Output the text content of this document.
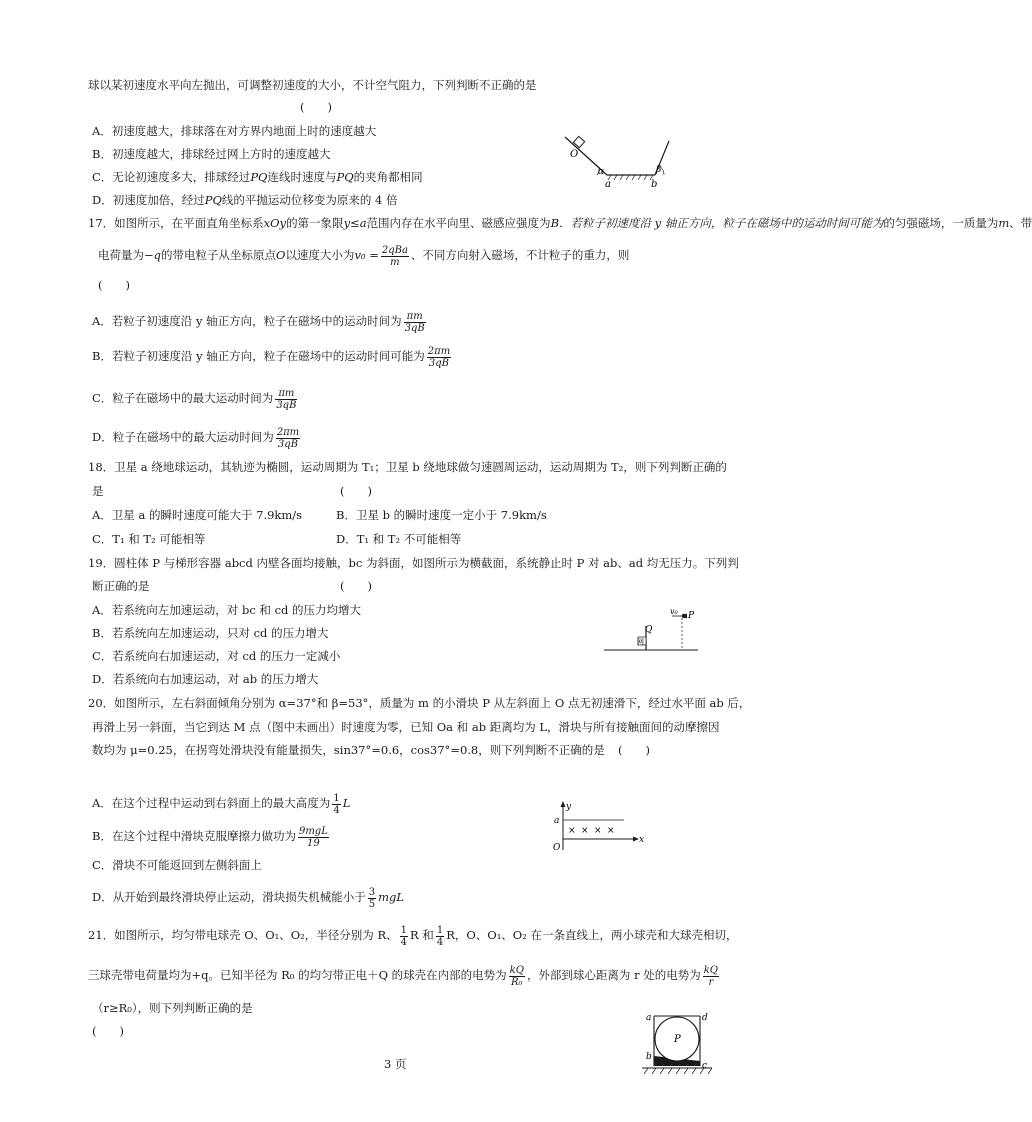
球以某初速度水平向左抛出，可调整初速度的大小，不计空气阻力，下列判断不正确的是
(　　)
A．初速度越大，排球落在对方界内地面上时的速度越大
B．初速度越大，排球经过网上方时的速度越大
C．无论初速度多大，排球经过PQ连线时速度与PQ的夹角都相同
D．初速度加倍，经过PQ线的平抛运动位移变为原来的 4 倍
O
a	b
α	β
17．如图所示，在平面直角坐标系xOy的第一象限y≤a范围内存在水平向里、磁感应强度为B．若粒子初速度沿 y 轴正方向，粒子在磁场中的运动时间可能为的匀强磁场，一质量为m、带
电荷量为−q的带电粒子从坐标原点O以速度大小为$v_0 = \frac{\text{2qBa}}{m}$ 、不同方向射入磁场，不计粒子的重力，则
(　　)
A．若粒子初速度沿 y 轴正方向，粒子在磁场中的运动时间为 $\frac{\pi m}{3qB}$
B．若粒子初速度沿 y 轴正方向，粒子在磁场中的运动时间可能为 $\frac{2\pi m}{3qB}$
C．粒子在磁场中的最大运动时间为 $\frac{\pi m}{3qB}$
D．粒子在磁场中的最大运动时间为 $\frac{2\pi m}{3qB}$
18．卫星 a 绕地球运动，其轨迹为椭圆，运动周期为 T₁；卫星 b 绕地球做匀速圆周运动，运动周期为 T₂，则下列判断正确的
是	(　　)
A．卫星 a 的瞬时速度可能大于 7.9km/s	B．卫星 b 的瞬时速度一定小于 7.9km/s
C．T₁ 和 T₂ 可能相等	D．T₁ 和 T₂ 不可能相等
19．圆柱体 P 与梯形容器 abcd 内壁各面均接触，bc 为斜面，如图所示为横截面，系统静止时 P 对 ab、ad 均无压力。下列判
断正确的是	(　　)
A．若系统向左加速运动，对 bc 和 cd 的压力均增大
B．若系统向左加速运动，只对 cd 的压力增大
C．若系统向右加速运动，对 cd 的压力一定减小
D．若系统向右加速运动，对 ab 的压力增大
v₀ P
Q
网
20．如图所示，左右斜面倾角分别为 α=37°和 β=53°，质量为 m 的小滑块 P 从左斜面上 O 点无初速滑下，经过水平面 ab 后，
再滑上另一斜面，当它到达 M 点（图中未画出）时速度为零，已知 Oa 和 ab 距离均为 L，滑块与所有接触面间的动摩擦因
数均为 μ=0.25，在拐弯处滑块没有能量损失，sin37°=0.6，cos37°=0.8，则下列判断不正确的是 (　　)
A．在这个过程中运动到右斜面上的最大高度为 $\frac{1}{4}$ L
B．在这个过程中滑块克服摩擦力做功为 $\frac{\text{9mgL}}{19}$
C．滑块不可能返回到左侧斜面上
D．从开始到最终滑块停止运动，滑块损失机械能小于 $\frac{3}{5}$ mgL
× × × ×
y
a
x
O
21．如图所示，均匀带电球壳 O、O₁、O₂，半径分别为 R、 $\frac{1}{4}$ R 和 $\frac{1}{4}$ R，O、O₁、O₂ 在一条直线上，两小球壳和大球壳相切，
三球壳带电荷量均为+q。已知半径为 R₀ 的均匀带正电＋Q 的球壳在内部的电势为 $\frac{kQ}{\text{R₀}}$ ，外部到球心距离为 r 处的电势为 $\frac{kQ}{r}$
（r≥R₀），则下列判断正确的是
(　　)
a	d
P
b
c
3 页
